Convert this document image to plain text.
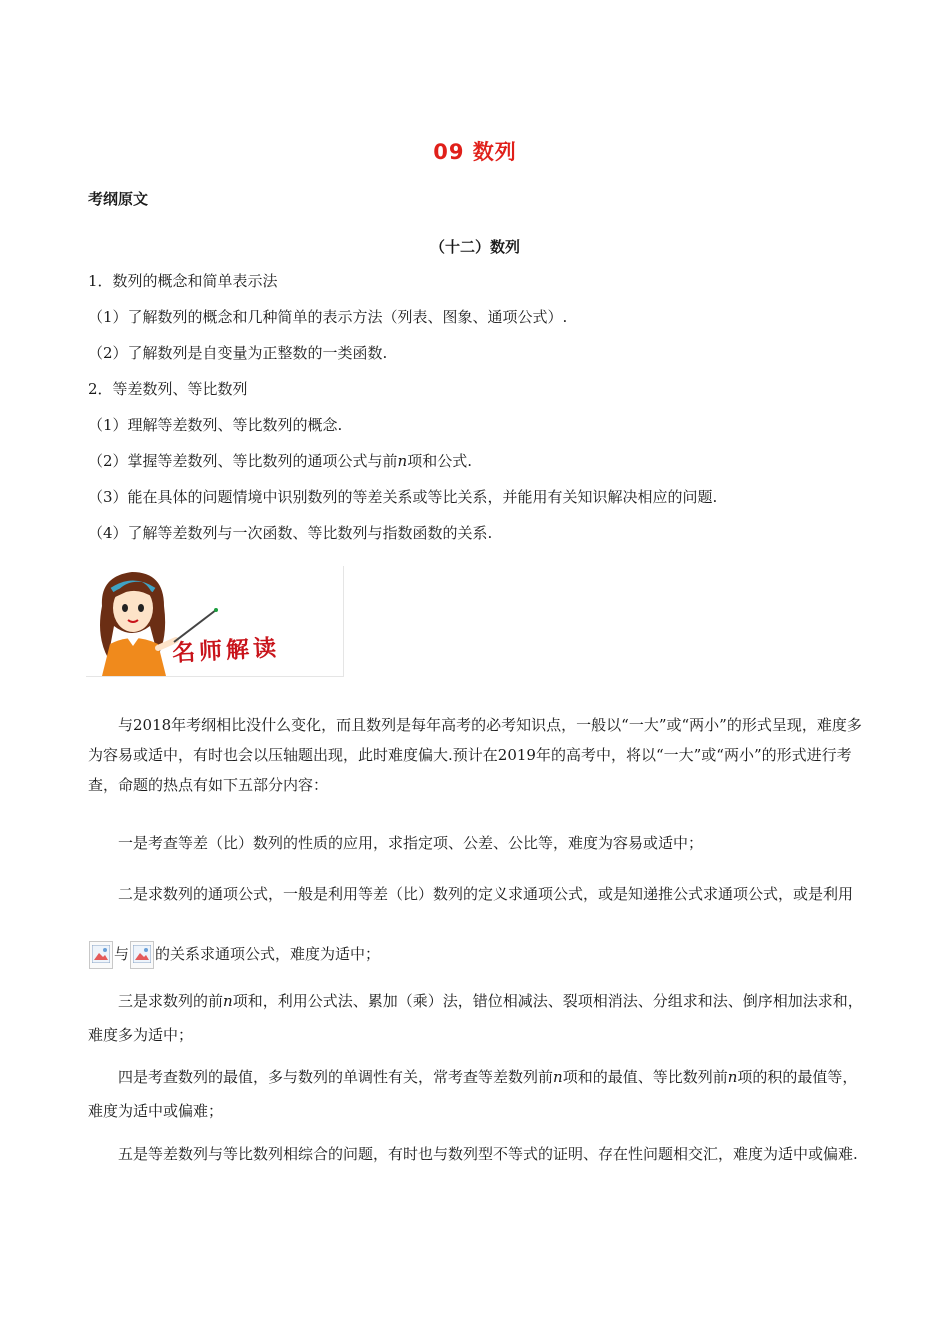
09 数列
考纲原文
（十二）数列
1．数列的概念和简单表示法
（1）了解数列的概念和几种简单的表示方法（列表、图象、通项公式）.
（2）了解数列是自变量为正整数的一类函数.
2．等差数列、等比数列
（1）理解等差数列、等比数列的概念.
（2）掌握等差数列、等比数列的通项公式与前n项和公式.
（3）能在具体的问题情境中识别数列的等差关系或等比关系，并能用有关知识解决相应的问题.
（4）了解等差数列与一次函数、等比数列与指数函数的关系.
名师解读
与2018年考纲相比没什么变化，而且数列是每年高考的必考知识点，一般以“一大”或“两小”的形式呈现，难度多为容易或适中，有时也会以压轴题出现，此时难度偏大.预计在2019年的高考中，将以“一大”或“两小”的形式进行考查，命题的热点有如下五部分内容：
一是考查等差（比）数列的性质的应用，求指定项、公差、公比等，难度为容易或适中；
二是求数列的通项公式，一般是利用等差（比）数列的定义求通项公式，或是知递推公式求通项公式，或是利用
与 的关系求通项公式，难度为适中；
三是求数列的前n项和，利用公式法、累加（乘）法，错位相减法、裂项相消法、分组求和法、倒序相加法求和，难度多为适中；
四是考查数列的最值，多与数列的单调性有关，常考查等差数列前n项和的最值、等比数列前n项的积的最值等，难度为适中或偏难；
五是等差数列与等比数列相综合的问题，有时也与数列型不等式的证明、存在性问题相交汇，难度为适中或偏难.
